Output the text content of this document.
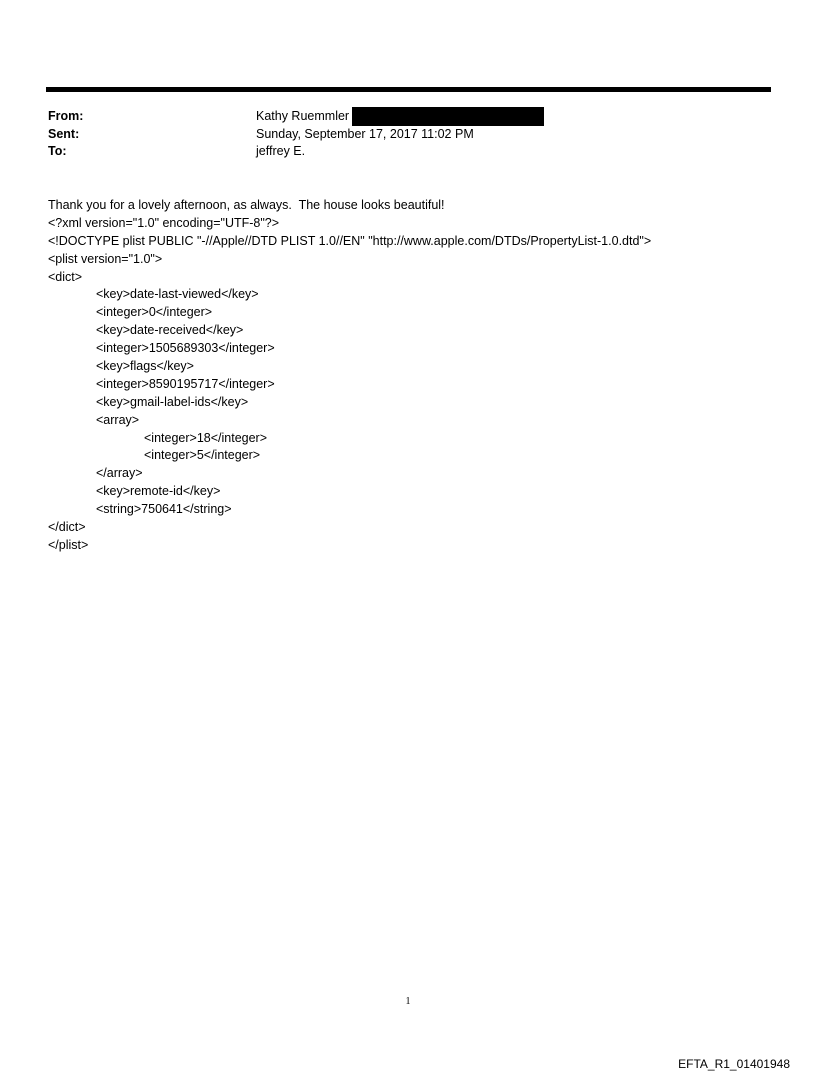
From:	Kathy Ruemmler
Sent:	Sunday, September 17, 2017 11:02 PM
To:	jeffrey E.
Thank you for a lovely afternoon, as always.  The house looks beautiful!
<?xml version="1.0" encoding="UTF-8"?>
<!DOCTYPE plist PUBLIC "-//Apple//DTD PLIST 1.0//EN" "http://www.apple.com/DTDs/PropertyList-1.0.dtd">
<plist version="1.0">
<dict>
<key>date-last-viewed</key>
<integer>0</integer>
<key>date-received</key>
<integer>1505689303</integer>
<key>flags</key>
<integer>8590195717</integer>
<key>gmail-label-ids</key>
<array>
<integer>18</integer>
<integer>5</integer>
</array>
<key>remote-id</key>
<string>750641</string>
</dict>
</plist>
1
EFTA_R1_01401948
